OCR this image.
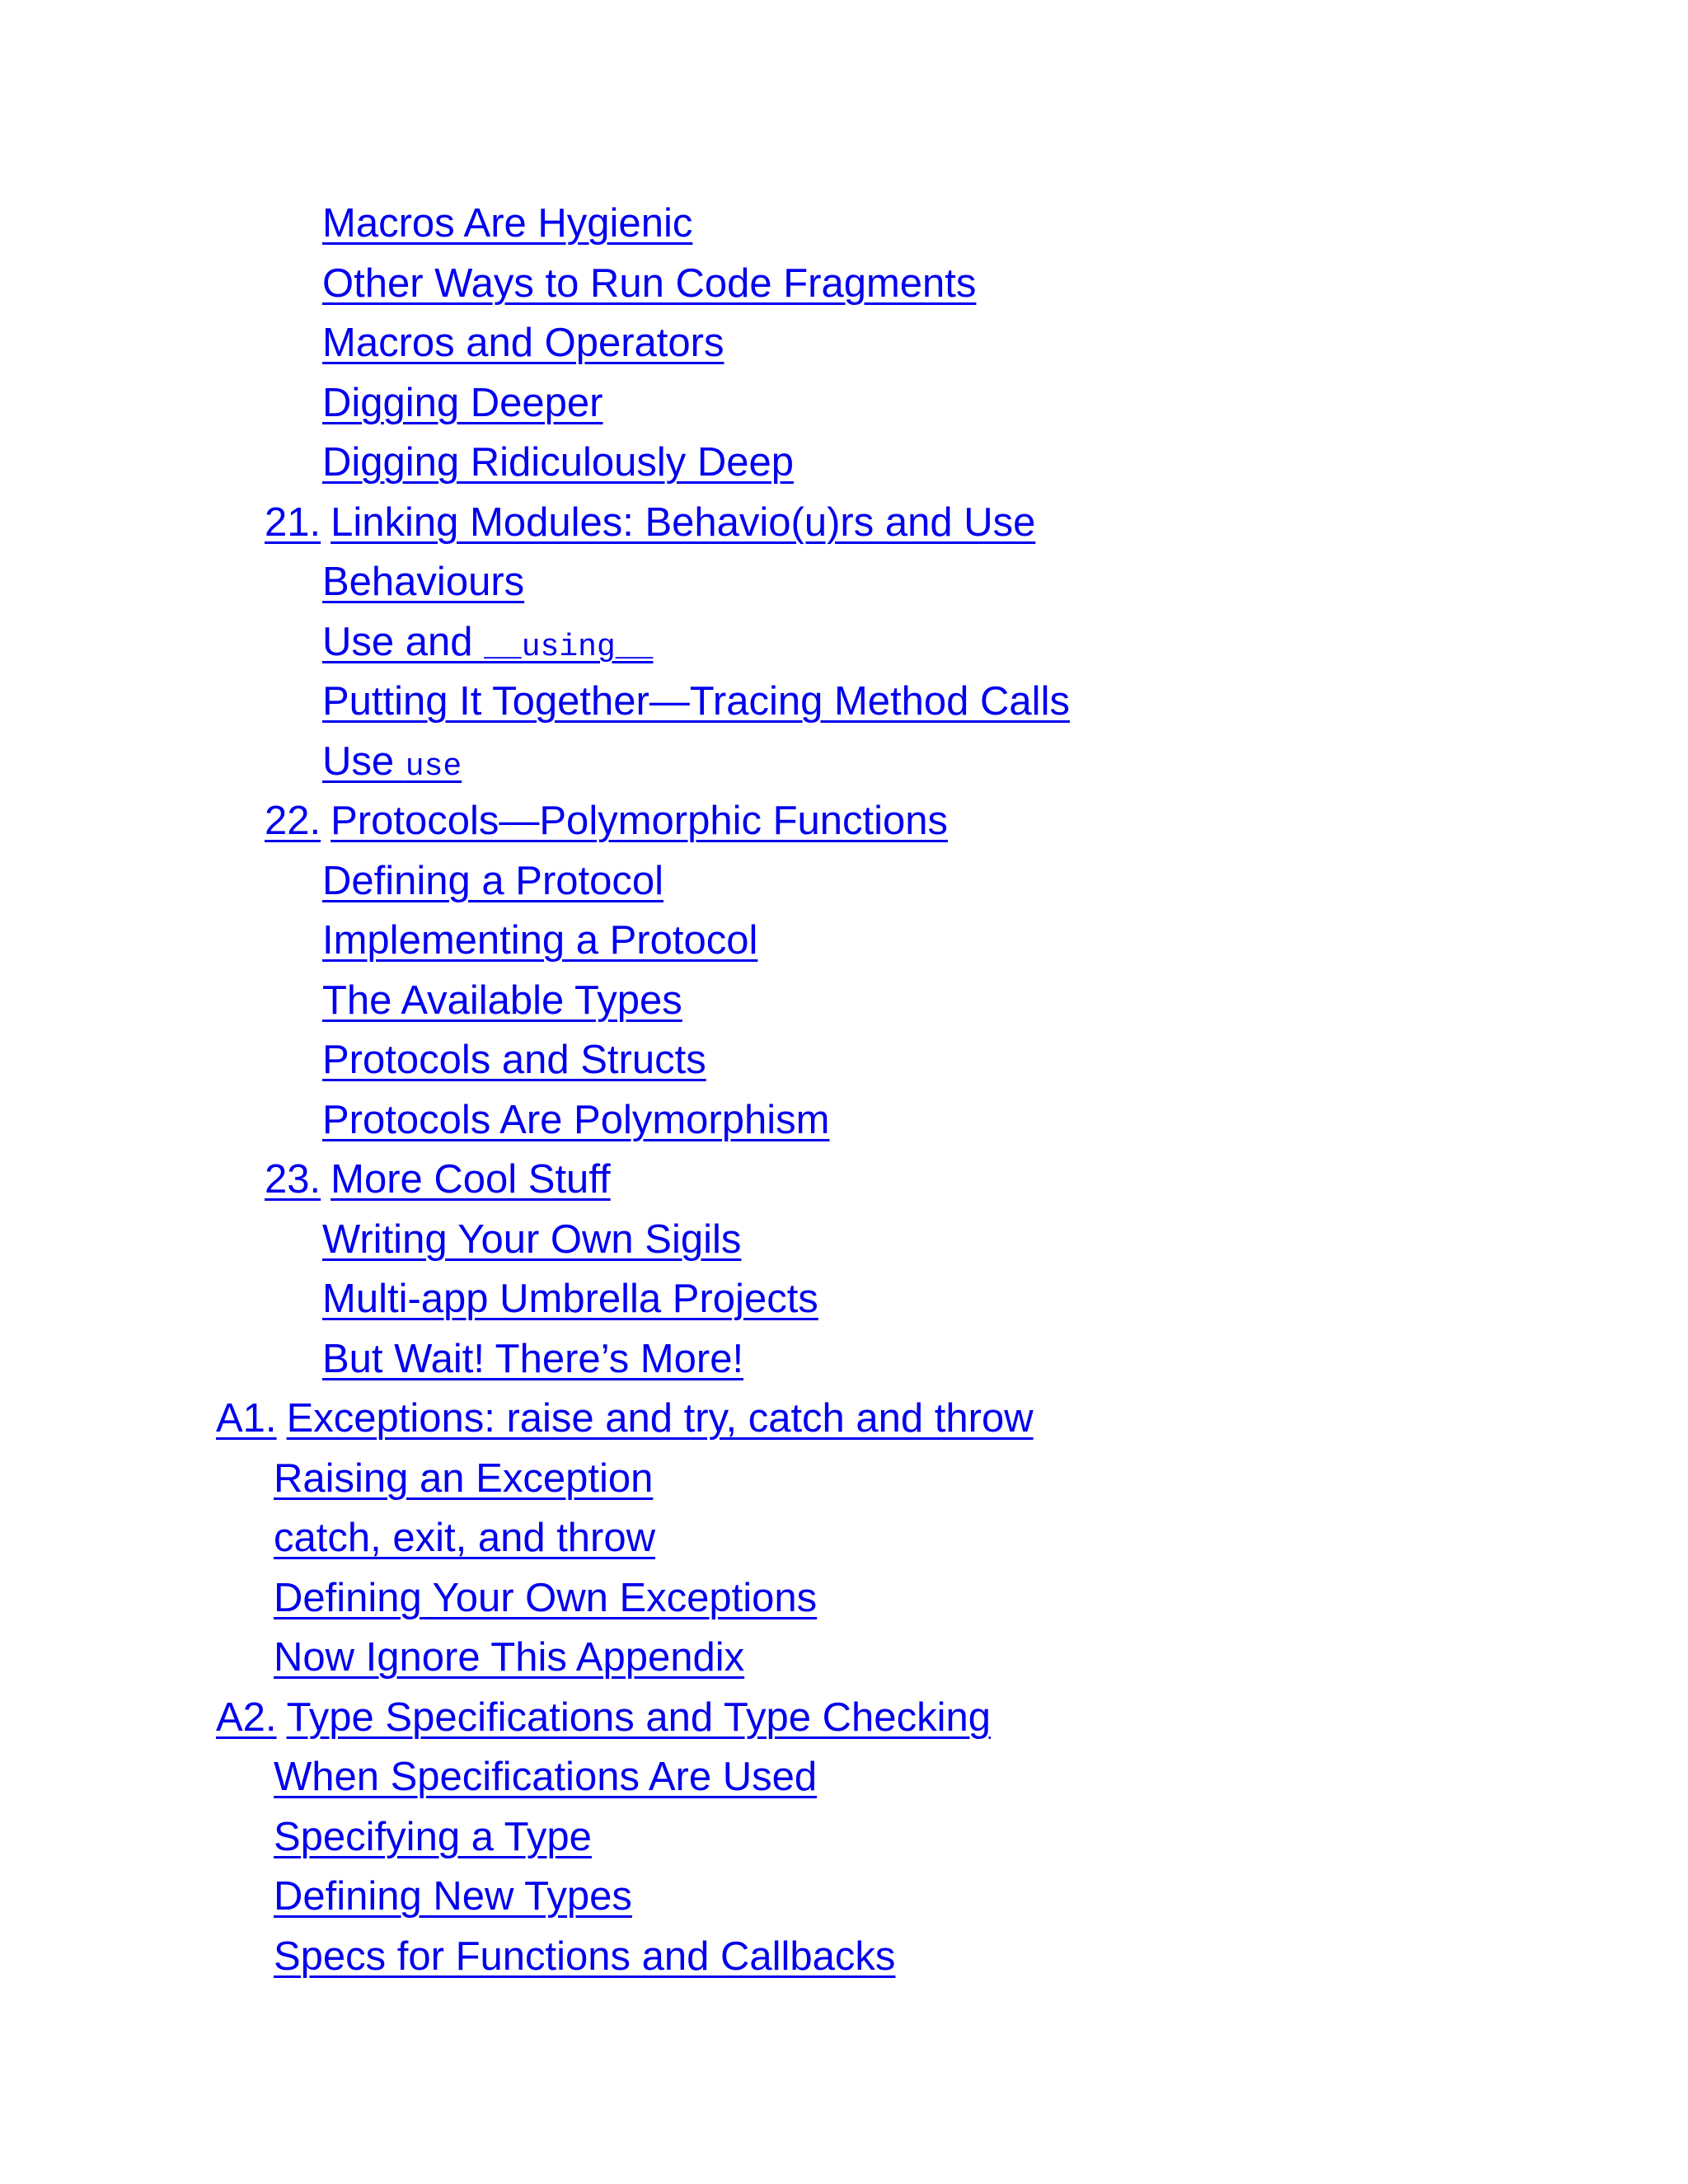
Macros Are Hygienic
Other Ways to Run Code Fragments
Macros and Operators
Digging Deeper
Digging Ridiculously Deep
21. Linking Modules: Behavio(u)rs and Use
Behaviours
Use and __using__
Putting It Together—Tracing Method Calls
Use use
22. Protocols—Polymorphic Functions
Defining a Protocol
Implementing a Protocol
The Available Types
Protocols and Structs
Protocols Are Polymorphism
23. More Cool Stuff
Writing Your Own Sigils
Multi-app Umbrella Projects
But Wait! There’s More!
A1. Exceptions: raise and try, catch and throw
Raising an Exception
catch, exit, and throw
Defining Your Own Exceptions
Now Ignore This Appendix
A2. Type Specifications and Type Checking
When Specifications Are Used
Specifying a Type
Defining New Types
Specs for Functions and Callbacks
